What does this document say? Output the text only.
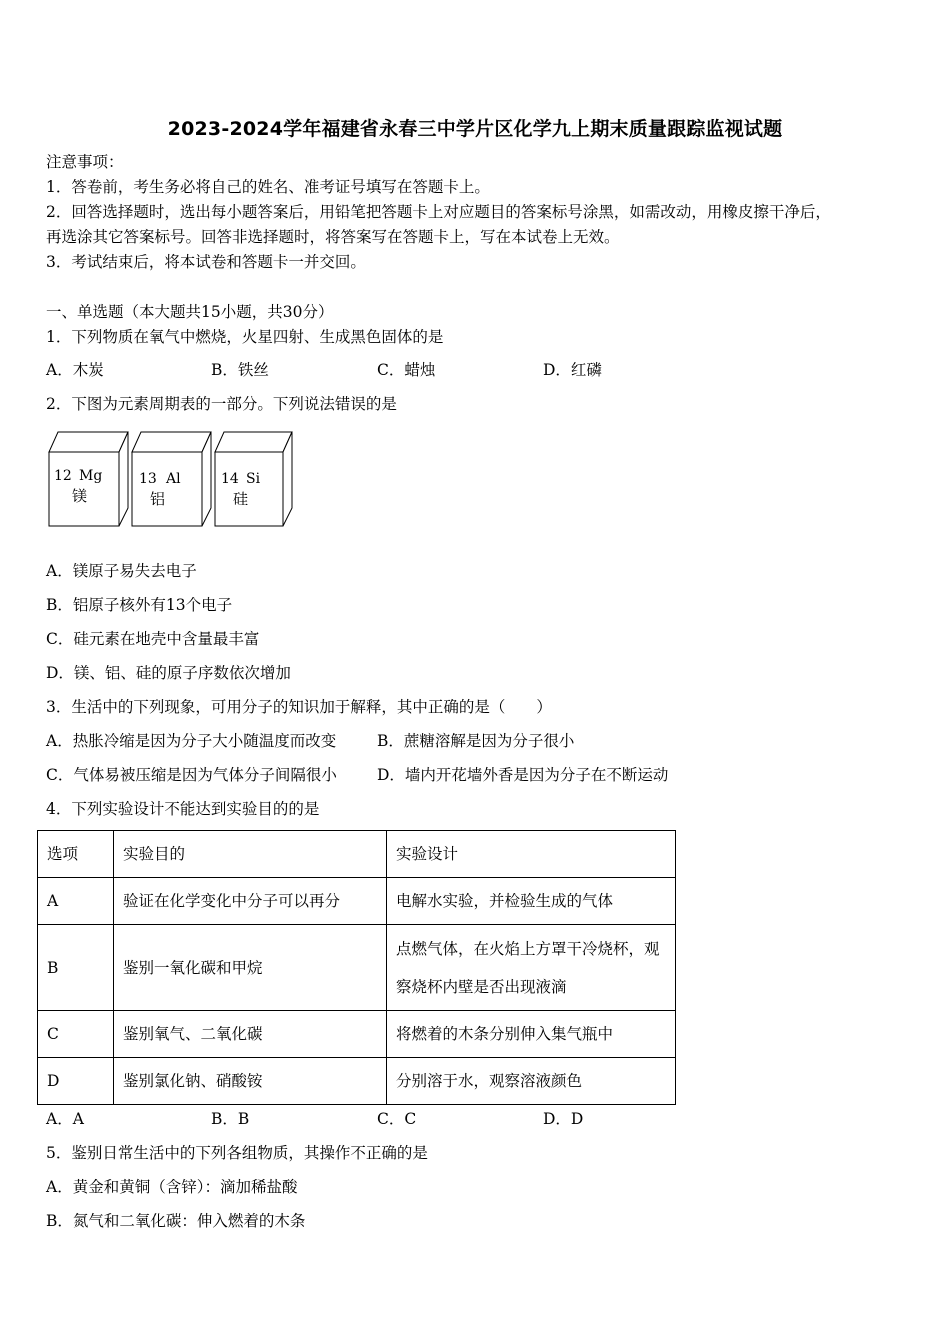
2023-2024学年福建省永春三中学片区化学九上期末质量跟踪监视试题
注意事项：
1．答卷前，考生务必将自己的姓名、准考证号填写在答题卡上。
2．回答选择题时，选出每小题答案后，用铅笔把答题卡上对应题目的答案标号涂黑，如需改动，用橡皮擦干净后，
再选涂其它答案标号。回答非选择题时，将答案写在答题卡上，写在本试卷上无效。
3．考试结束后，将本试卷和答题卡一并交回。
一、单选题（本大题共15小题，共30分）
1．下列物质在氧气中燃烧，火星四射、生成黑色固体的是
A．木炭	B．铁丝	C．蜡烛	D．红磷
2．下图为元素周期表的一部分。下列说法错误的是
12 Mg
镁
13 Al
铝
14 Si
硅
A．镁原子易失去电子
B．铝原子核外有13个电子
C．硅元素在地壳中含量最丰富
D．镁、铝、硅的原子序数依次增加
3．生活中的下列现象，可用分子的知识加于解释，其中正确的是（　　）
A．热胀冷缩是因为分子大小随温度而改变	B．蔗糖溶解是因为分子很小
C．气体易被压缩是因为气体分子间隔很小	D．墙内开花墙外香是因为分子在不断运动
4．下列实验设计不能达到实验目的的是
选项	实验目的	实验设计
A	验证在化学变化中分子可以再分	电解水实验，并检验生成的气体
B	鉴别一氧化碳和甲烷	点燃气体，在火焰上方罩干冷烧杯，观察烧杯内壁是否出现液滴
C	鉴别氧气、二氧化碳	将燃着的木条分别伸入集气瓶中
D	鉴别氯化钠、硝酸铵	分别溶于水，观察溶液颜色
A．A	B．B	C．C	D．D
5．鉴别日常生活中的下列各组物质，其操作不正确的是
A．黄金和黄铜（含锌）：滴加稀盐酸
B．氮气和二氧化碳：伸入燃着的木条
